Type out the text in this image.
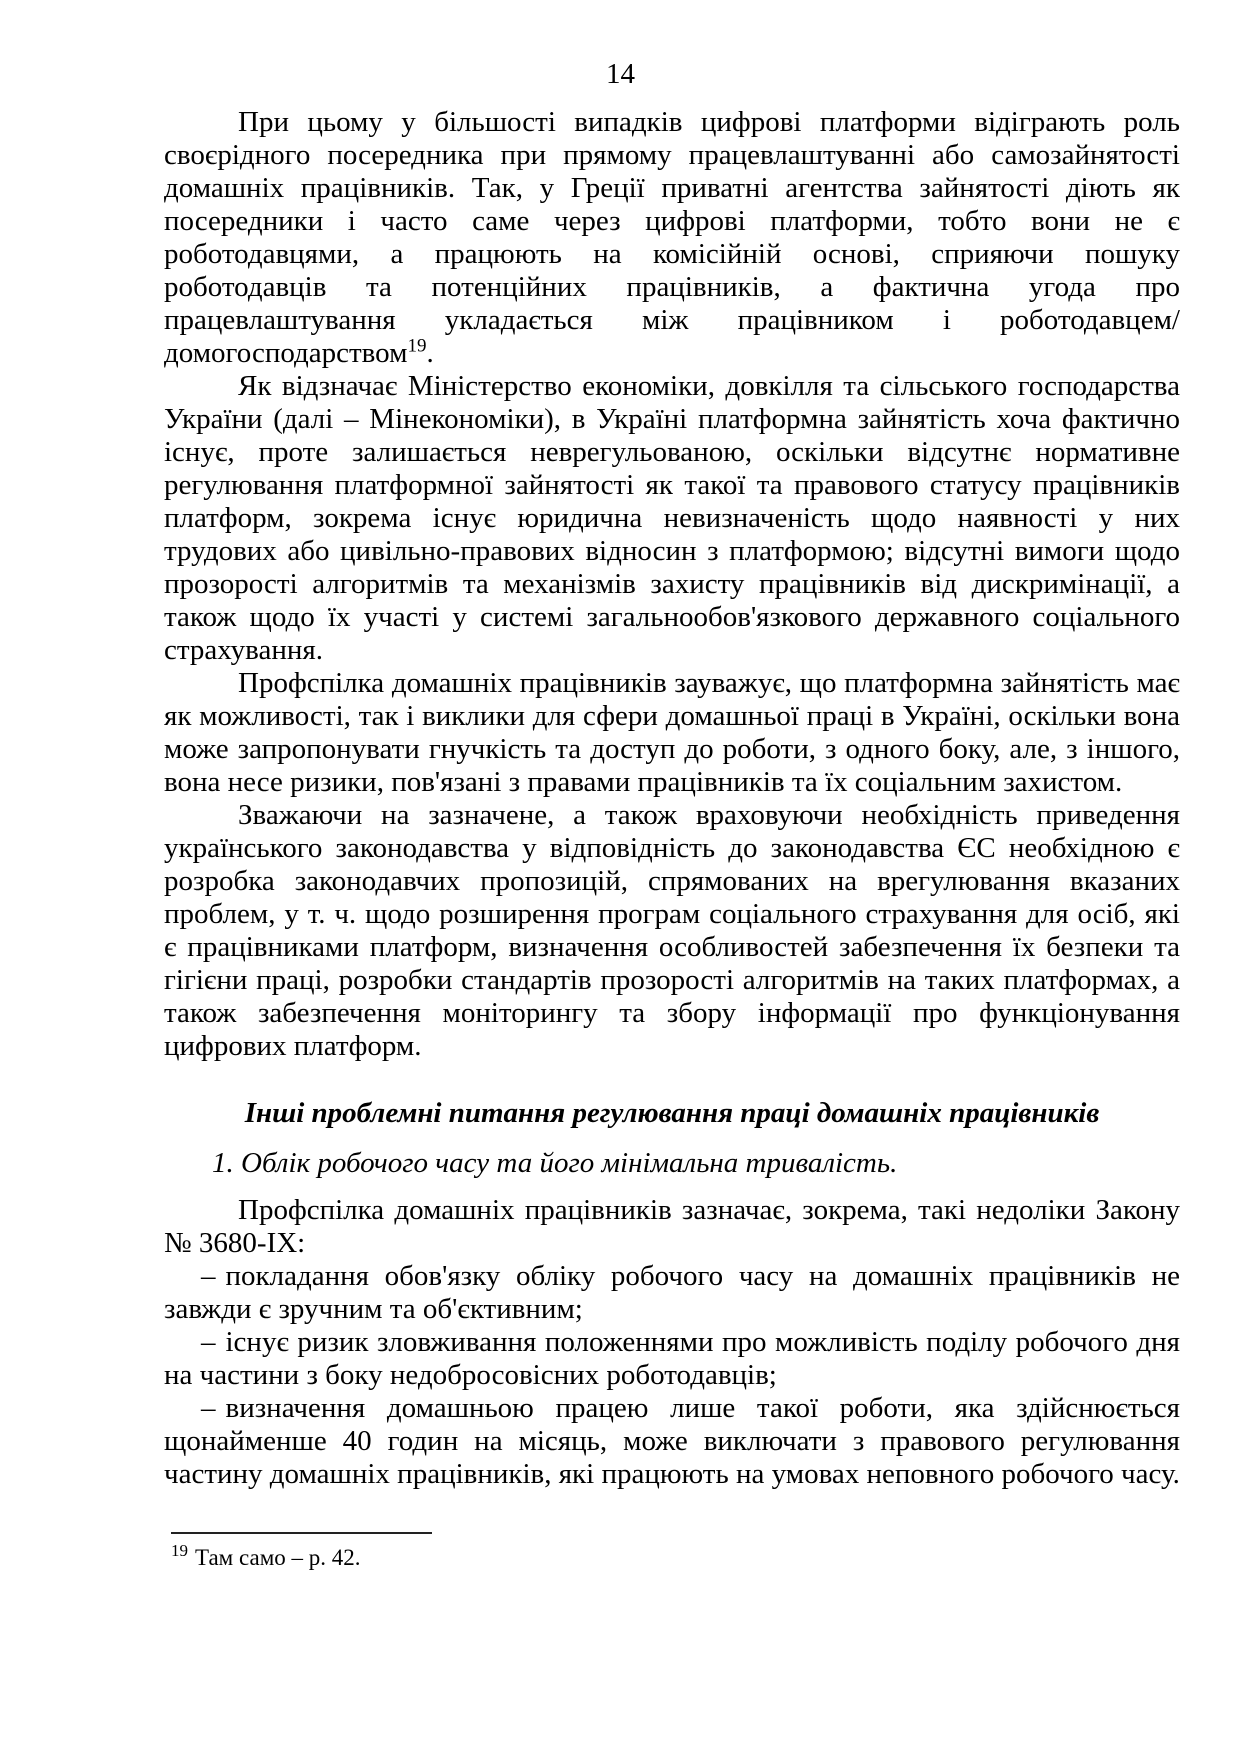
14

При цьому у більшості випадків цифрові платформи відіграють роль своєрідного посередника при прямому працевлаштуванні або самозайнятості домашніх працівників. Так, у Греції приватні агентства зайнятості діють як посередники і часто саме через цифрові платформи, тобто вони не є роботодавцями, а працюють на комісійній основі, сприяючи пошуку роботодавців та потенційних працівників, а фактична угода про працевлаштування укладається між працівником і роботодавцем/​домогосподарством$^{19}$.

Як відзначає Міністерство економіки, довкілля та сільського господарства України (далі – Мінекономіки), в Україні платформна зайнятість хоча фактично існує, проте залишається неврегульованою, оскільки відсутнє нормативне регулювання платформної зайнятості як такої та правового статусу працівників платформ, зокрема існує юридична невизначеність щодо наявності у них трудових або цивільно-правових відносин з платформою; відсутні вимоги щодо прозорості алгоритмів та механізмів захисту працівників від дискримінації, а також щодо їх участі у системі загальнообов'язкового державного соціального страхування.

Профспілка домашніх працівників зауважує, що платформна зайнятість має як можливості, так і виклики для сфери домашньої праці в Україні, оскільки вона може запропонувати гнучкість та доступ до роботи, з одного боку, але, з іншого, вона несе ризики, пов'язані з правами працівників та їх соціальним захистом.

Зважаючи на зазначене, а також враховуючи необхідність приведення українського законодавства у відповідність до законодавства ЄС необхідною є розробка законодавчих пропозицій, спрямованих на врегулювання вказаних проблем, у т. ч. щодо розширення програм соціального страхування для осіб, які є працівниками платформ, визначення особливостей забезпечення їх безпеки та гігієни праці, розробки стандартів прозорості алгоритмів на таких платформах, а також забезпечення моніторингу та збору інформації про функціонування цифрових платформ.

Інші проблемні питання регулювання праці домашніх працівників

1. Облік робочого часу та його мінімальна тривалість.

Профспілка домашніх працівників зазначає, зокрема, такі недоліки Закону № 3680-IX:

– покладання обов'язку обліку робочого часу на домашніх працівників не завжди є зручним та об'єктивним;

– існує ризик зловживання положеннями про можливість поділу робочого дня на частини з боку недобросовісних роботодавців;

– визначення домашньою працею лише такої роботи, яка здійснюється щонайменше 40 годин на місяць, може виключати з правового регулювання частину домашніх працівників, які працюють на умовах неповного робочого часу.

$^{19}$ Там само – р. 42.
